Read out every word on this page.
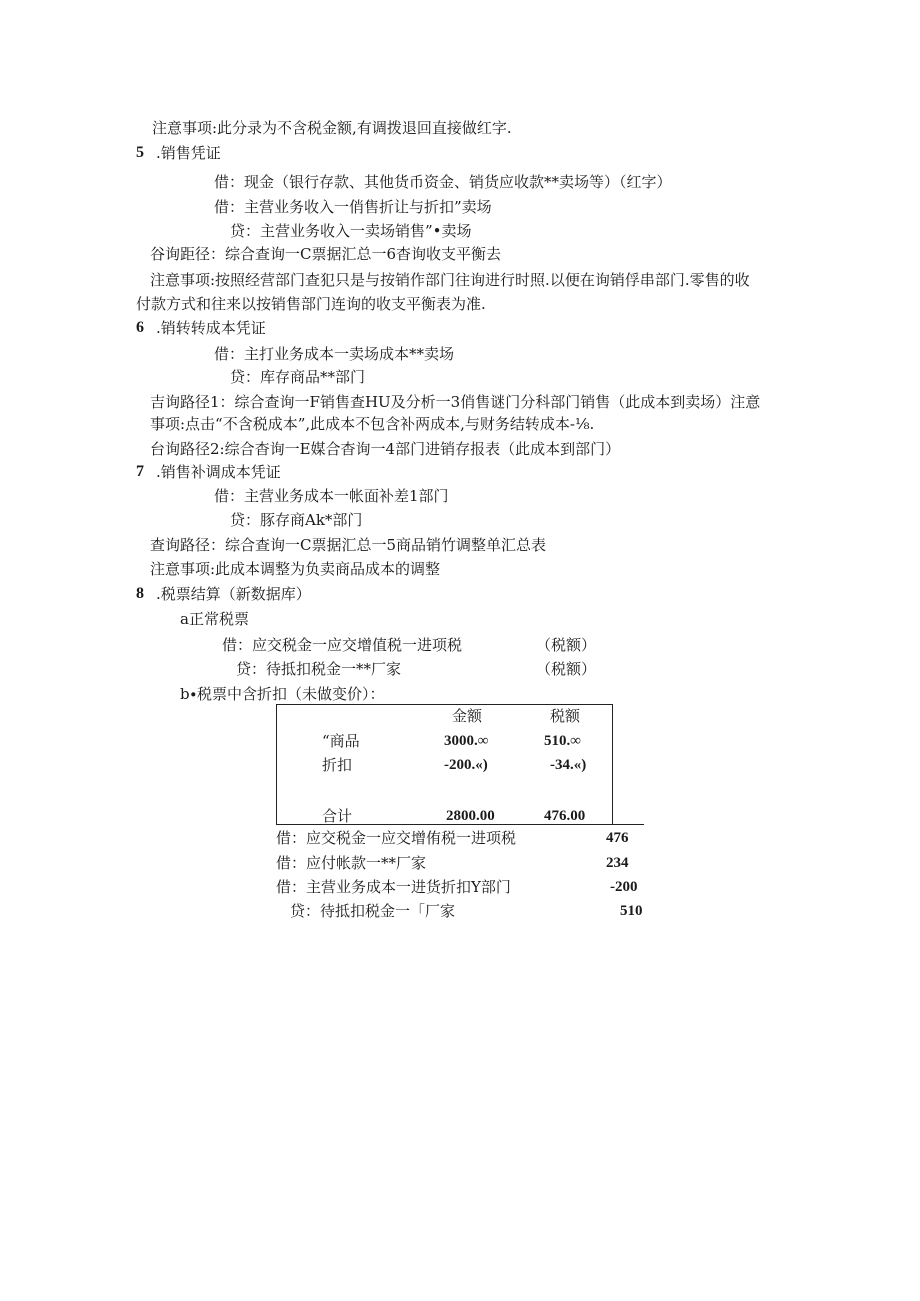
注意事项:此分录为不含税金额,有调拨退回直接做红字.
5 .销售凭证
借：现金（银行存款、其他货币资金、销货应收款**卖场等）（红字）
借：主营业务收入一俏售折让与折扣”卖场
贷：主营业务收入一卖场销售”•卖场
谷询距径：综合查询一C票据汇总一6杳询收支平衡去
注意事项:按照经营部门查犯只是与按销作部门往询进行时照.以便在询销俘串部门.零售的收
付款方式和往来以按销售部门连询的收支平衡表为准.
6 .销转转成本凭证
借：主打业务成本一卖场成本**卖场
贷：库存商品**部门
吉询路径1：综合查询一F销售查HU及分析一3俏售谜门分科部门销售（此成本到卖场）注意
事项:点击“不含税成本”,此成本不包含补两成本,与财务结转成本-⅛.
台询路径2:综合杳询一E媒合杳询一4部门进销存报表（此成本到部门）
7 .销售补调成本凭证
借：主营业务成本一帐面补差1部门
贷：豚存商Ak*部门
查询路径：综合查询一C票据汇总一5商品销竹调整单汇总表
注意事项:此成本调整为负卖商品成本的调整
8 .税票结算（新数据库）
a正常税票
借：应交税金一应交增值税一进项税	（税额）
贷：待抵扣税金一**厂家	（税额）
b∙税票中含折扣（未做变价）：
金额	税额
“商品	3000.∞	510.∞
折扣	-200.«)	-34.«)
合计	2800.00	476.00
借：应交税金一应交增侑税一进项税	476
借：应付帐款一**厂家	234
借：主营业务成本一进货折扣Y部门	-200
贷：待抵扣税金一「厂家	510
